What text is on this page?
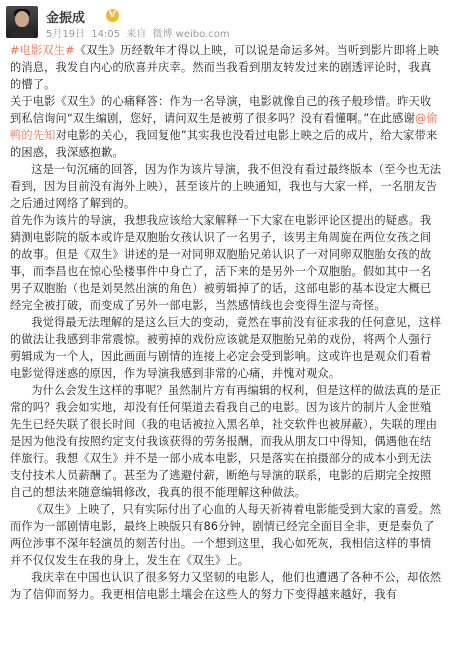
金振成	V
5月19日 14:05 来自 微博 weibo.com

#电影双生#《双生》历经数年才得以上映，可以说是命运多舛。当听到影片即将上映的消息，我发自内心的欣喜并庆幸。然而当我看到朋友转发过来的剧透评论时，我真的懵了。

关于电影《双生》的心痛释答：作为一名导演，电影就像自己的孩子般珍惜。昨天收到私信询问“双生编剧，您好，请问双生是被剪了很多吗？没有看懂啊。”在此感谢@偷鸭的先知对电影的关心，我回复他”其实我也没看过电影上映之后的成片，给大家带来的困惑，我深感抱歉。

这是一句沉痛的回答，因为作为该片导演，我不但没有看过最终版本（至今也无法看到，因为目前没有海外上映），甚至该片的上映通知，我也与大家一样，一名朋友告之后通过网络了解到的。

首先作为该片的导演，我想我应该给大家解释一下大家在电影评论区提出的疑惑。我猜测电影院的版本或许是双胞胎女孩认识了一名男子，该男主角周旋在两位女孩之间的故事。但是《双生》讲述的是一对同卵双胞胎兄弟认识了一对同卵双胞胎女孩的故事，而李昌也在惊心坠楼事件中身亡了，活下来的是另外一个双胞胎。假如其中一名男子双胞胎（也是刘昊然出演的角色）被剪辑掉了的话，这部电影的基本设定大概已经完全被打破，而变成了另外一部电影，当然感情线也会变得生涩与奇怪。

我觉得最无法理解的是这么巨大的变动，竟然在事前没有征求我的任何意见，这样的做法让我感到非常震惊。被剪掉的戏份应该就是双胞胎兄弟的戏份，将两个人强行剪辑成为一个人，因此画面与剧情的连接上必定会受到影响。这或许也是观众们看着电影觉得迷惑的原因，作为导演我感到非常的心痛，并愧对观众。

为什么会发生这样的事呢？虽然制片方有再编辑的权利，但是这样的做法真的是正常的吗？我会如实地，却没有任何渠道去看我自己的电影。因为该片的制片人金世殖先生已经失联了很长时间（我的电话被拉入黑名单，社交软件也被屏蔽），失联的理由是因为他没有按照约定支付我该获得的劳务报酬，而我从朋友口中得知，偶遇他在结伴旅行。我想《双生》并不是一部小成本电影，只是落实在拍摄部分的成本小到无法支付技术人员薪酬了。甚至为了逃避付薪，断绝与导演的联系，电影的后期完全按照自己的想法来随意编辑修改，我真的很不能理解这种做法。

《双生》上映了，只有实际付出了心血的人每天祈祷着电影能受到大家的喜爱。然而作为一部剧情电影，最终上映版只有86分钟，剧情已经完全面目全非，更是秦负了两位涉事不深年轻演员的刻苦付出。一个想到这里，我心如死灰，我相信这样的事情并不仅仅发生在我的身上，发生在《双生》上。

我庆幸在中国也认识了很多努力又坚韧的电影人，他们也遭遇了各种不公，却依然为了信仰而努力。我更相信电影土壤会在这些人的努力下变得越来越好，我有
